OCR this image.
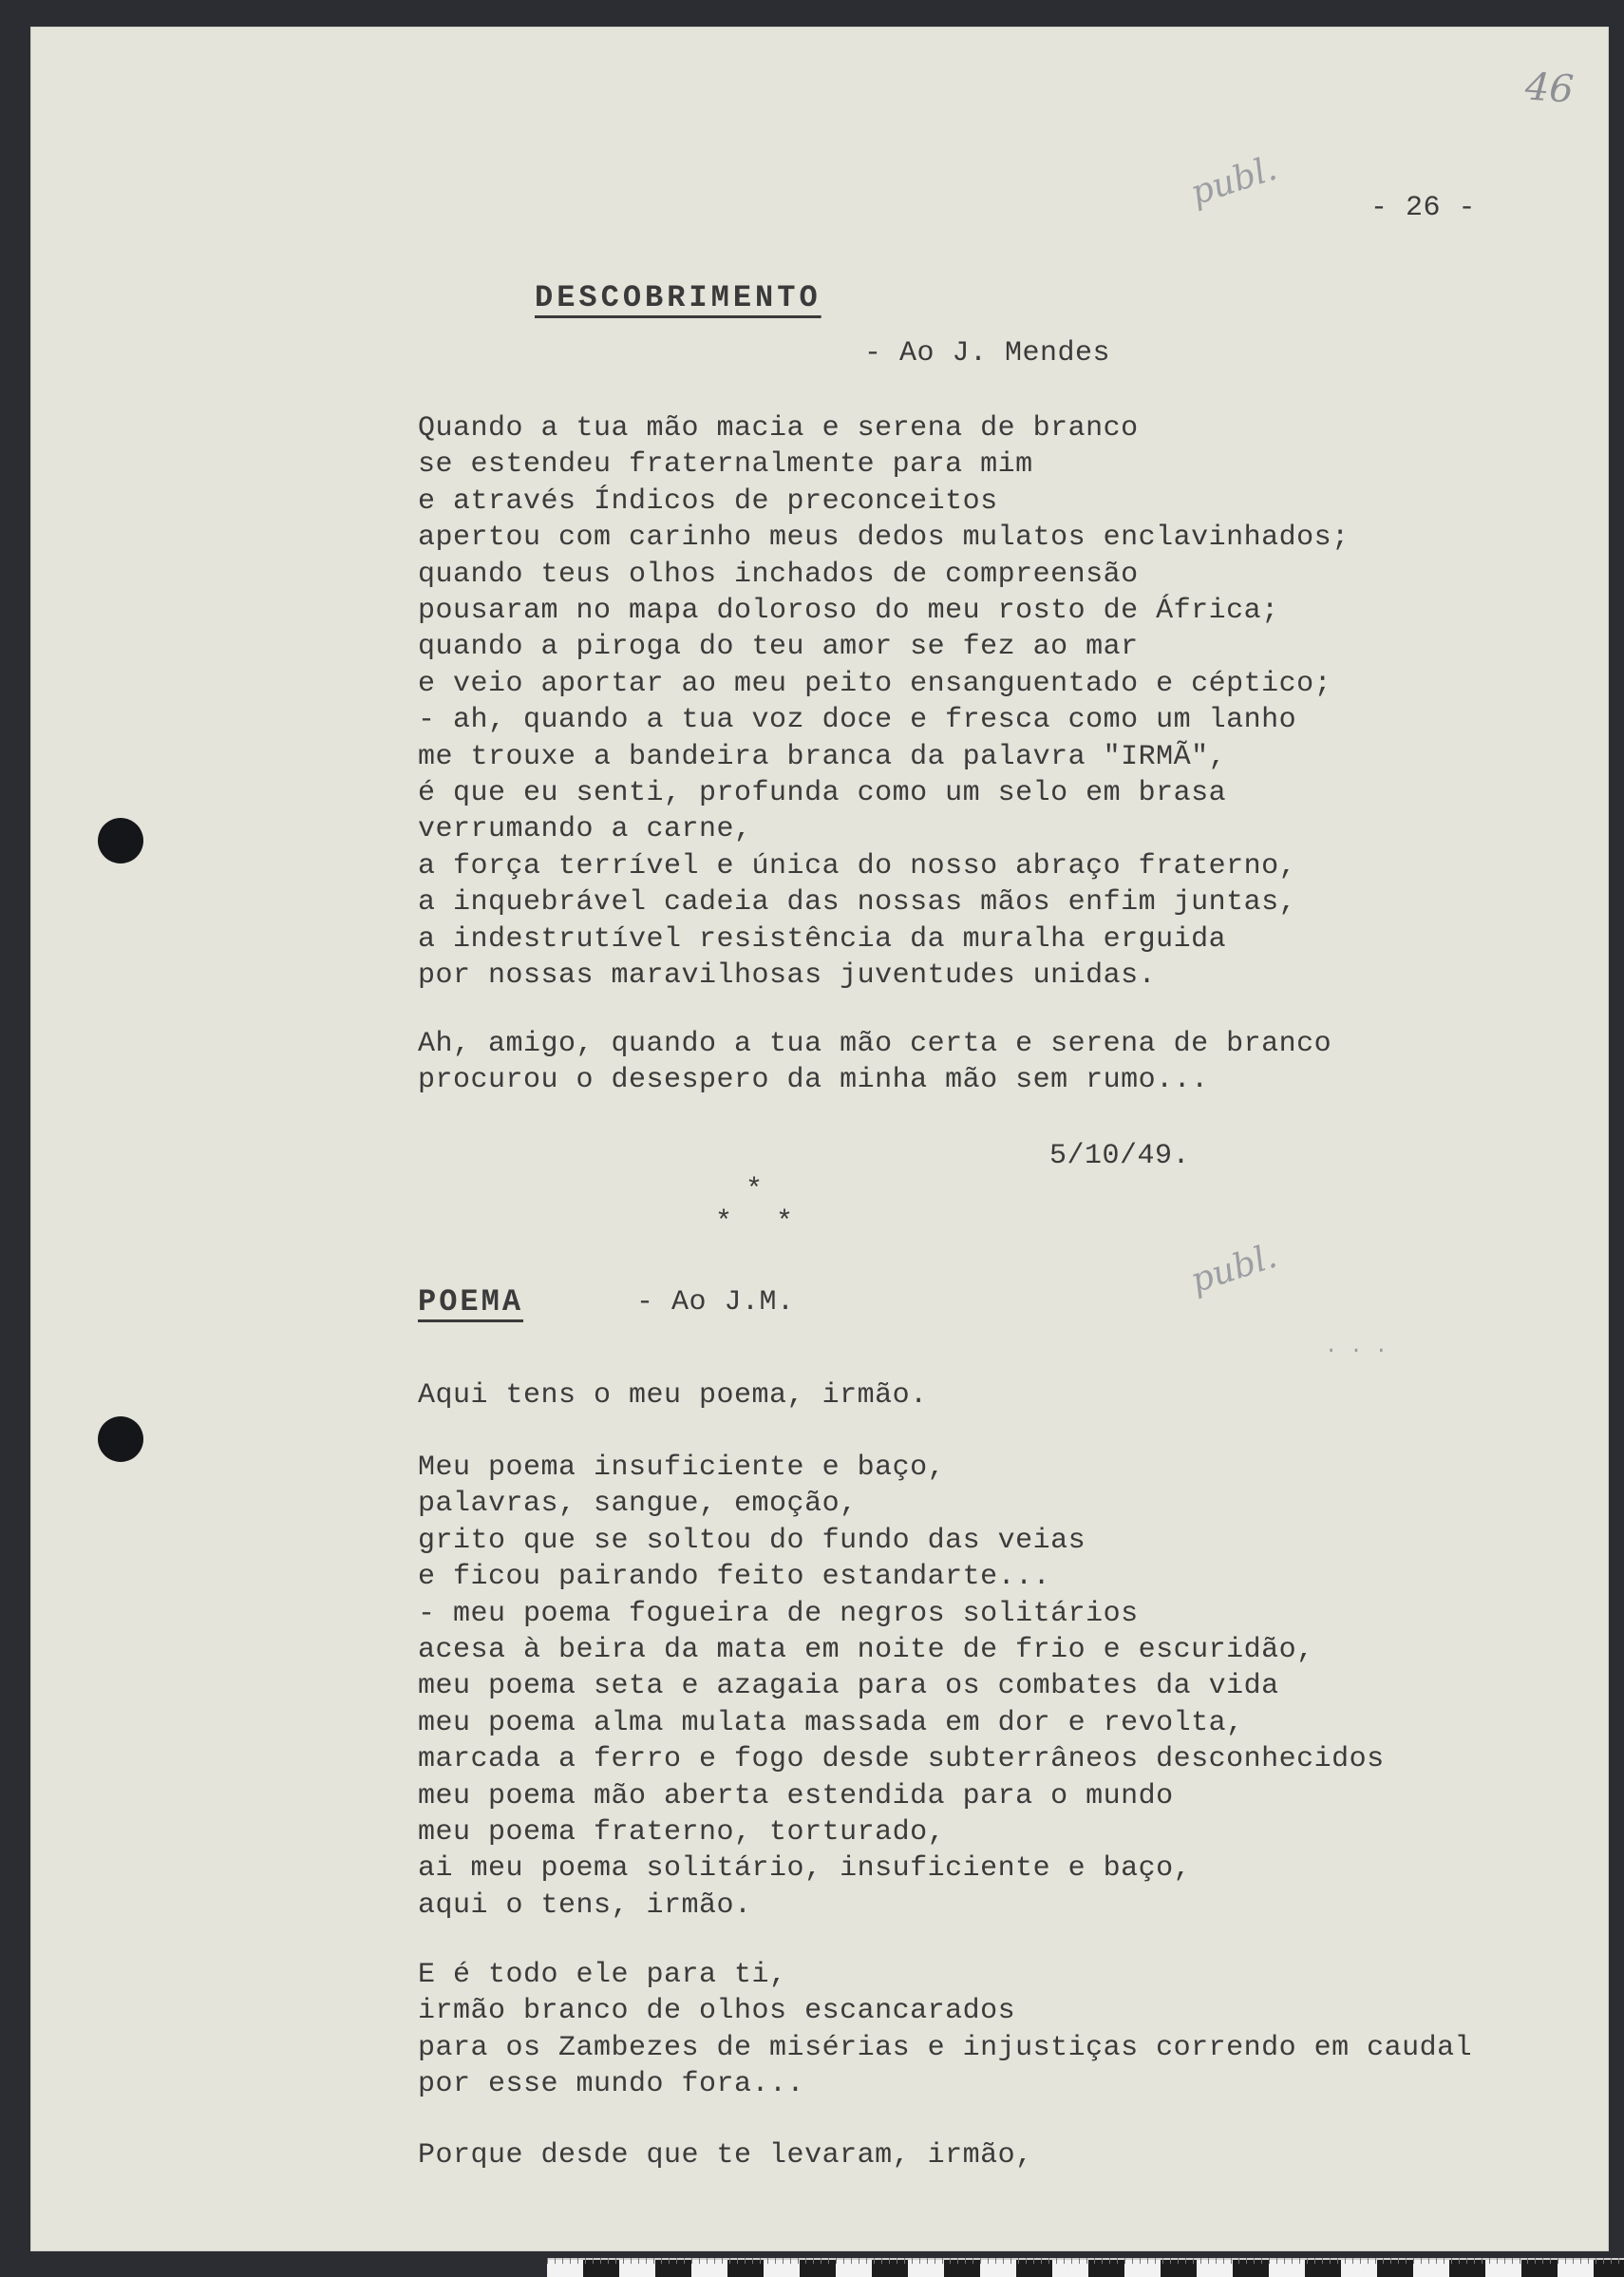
46
publ.
publ.
- 26 -
DESCOBRIMENTO
- Ao J. Mendes
Quando a tua mão macia e serena de branco
se estendeu fraternalmente para mim
e através Índicos de preconceitos
apertou com carinho meus dedos mulatos enclavinhados;
quando teus olhos inchados de compreensão
pousaram no mapa doloroso do meu rosto de África;
quando a piroga do teu amor se fez ao mar
e veio aportar ao meu peito ensanguentado e céptico;
- ah, quando a tua voz doce e fresca como um lanho
me trouxe a bandeira branca da palavra "IRMÃ",
é que eu senti, profunda como um selo em brasa
verrumando a carne,
a força terrível e única do nosso abraço fraterno,
a inquebrável cadeia das nossas mãos enfim juntas,
a indestrutível resistência da muralha erguida
por nossas maravilhosas juventudes unidas.
Ah, amigo, quando a tua mão certa e serena de branco
procurou o desespero da minha mão sem rumo...
5/10/49.
*
* *
POEMA	- Ao J.M.
. . .
Aqui tens o meu poema, irmão.
Meu poema insuficiente e baço,
palavras, sangue, emoção,
grito que se soltou do fundo das veias
e ficou pairando feito estandarte...
- meu poema fogueira de negros solitários
acesa à beira da mata em noite de frio e escuridão,
meu poema seta e azagaia para os combates da vida
meu poema alma mulata massada em dor e revolta,
marcada a ferro e fogo desde subterrâneos desconhecidos
meu poema mão aberta estendida para o mundo
meu poema fraterno, torturado,
ai meu poema solitário, insuficiente e baço,
aqui o tens, irmão.
E é todo ele para ti,
irmão branco de olhos escancarados
para os Zambezes de misérias e injustiças correndo em caudal
por esse mundo fora...
Porque desde que te levaram, irmão,
